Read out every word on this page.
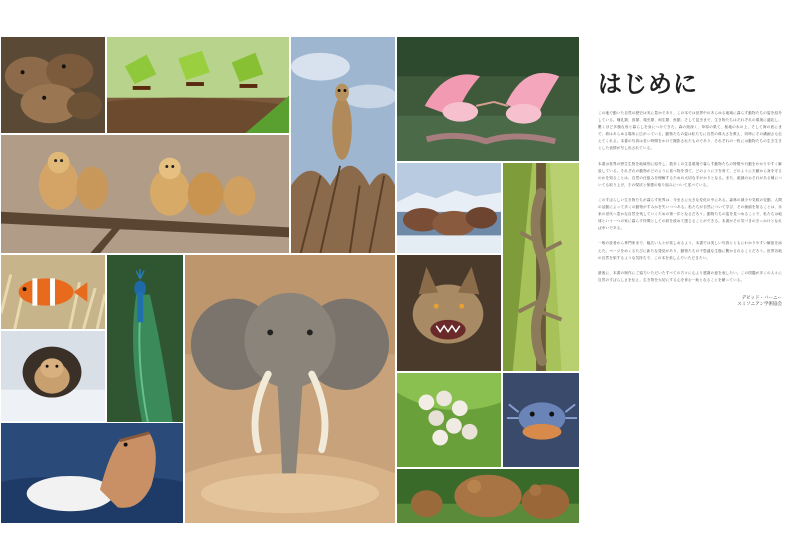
はじめに

この地で動いた自然の歴史は実に豊かであり、この本では世界中のあらゆる地域に暮らす動物たちの姿を紹介している。哺乳類、鳥類、爬虫類、両生類、魚類、そして昆虫まで、生き物たちはそれぞれの環境に適応し、驚くほど多様な形と暮らしを身につけてきた。森の奥深く、草原の果て、極地の氷の上、そして海の底にまで、命はあらゆる場所に広がっている。動物たちの姿は私たちに自然の偉大さを教え、同時にその繊細さも伝えてくれる。本書の写真は長い時間をかけて撮影されたものであり、それぞれの一枚には動物たちの生き生きとした表情が写し出されている。

本書は世界の野生生物を地域別に紹介し、数多くの生息環境で暮らす動物たちの特徴や行動をわかりやすく解説している。それぞれの動物がどのように食べ物を得て、どのように子を育て、どのように天敵から身を守るのかを知ることは、自然の仕組みを理解するための大切な手がかりとなる。また、絶滅のおそれがある種についても取り上げ、その現状と保護の取り組みについて述べている。

このすばらしい生き物たちが暮らす世界は、今まさに大きな変化の中にある。森林の減少や気候の変動、人間の活動によって多くの動物がすみかを失いつつある。私たちが自然について学び、その価値を知ることは、未来の世代へ豊かな自然を残していくための第一歩となるだろう。動物たちの姿を見つめることで、私たちは地球という一つの家に暮らす仲間としての絆を改めて感じることができる。本書がその気づきのきっかけとなれば幸いである。

一般の読者から専門家まで、幅広い人々が楽しめるよう、本書では美しい写真とともにわかりやすい解説を添えた。ページをめくるたびに新たな発見があり、動物たちの不思議な生態に驚かされることだろう。世界各地の自然を旅するような気持ちで、この本を楽しんでいただきたい。

最後に、本書の制作にご協力いただいたすべての方々に心より感謝の意を表したい。この図鑑が多くの人々に自然のすばらしさを伝え、生き物を大切にする心を育む一助となることを願っている。

デビッド・バーニー
スミソニアン学術協会
